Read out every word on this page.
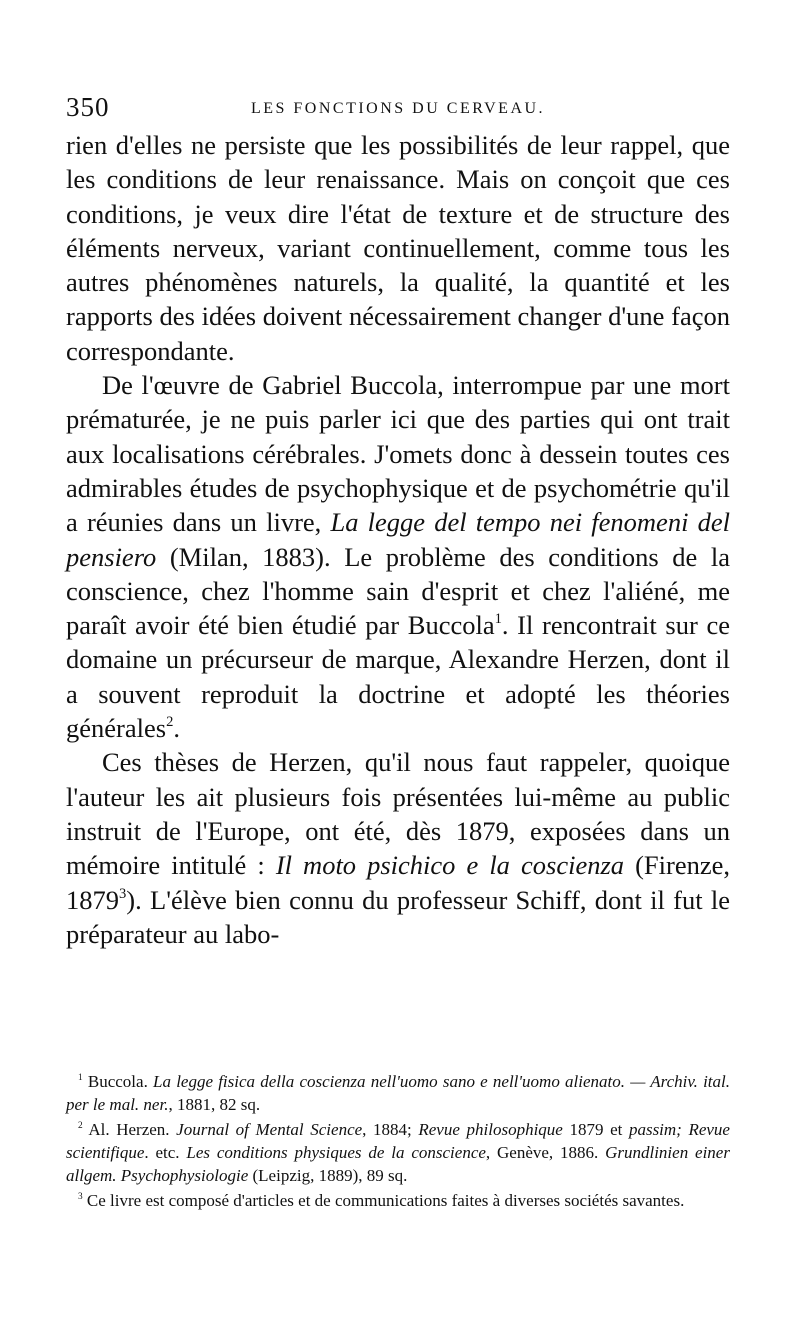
350	LES FONCTIONS DU CERVEAU.

rien d'elles ne persiste que les possibilités de leur rappel, que les conditions de leur renaissance. Mais on conçoit que ces conditions, je veux dire l'état de texture et de structure des éléments nerveux, variant continuellement, comme tous les autres phénomènes naturels, la qualité, la quantité et les rapports des idées doivent nécessairement changer d'une façon correspondante.

De l'œuvre de Gabriel Buccola, interrompue par une mort prématurée, je ne puis parler ici que des parties qui ont trait aux localisations cérébrales. J'omets donc à dessein toutes ces admirables études de psychophysique et de psychométrie qu'il a réunies dans un livre, La legge del tempo nei fenomeni del pensiero (Milan, 1883). Le problème des conditions de la conscience, chez l'homme sain d'esprit et chez l'aliéné, me paraît avoir été bien étudié par Buccola$^1$. Il rencontrait sur ce domaine un précurseur de marque, Alexandre Herzen, dont il a souvent reproduit la doctrine et adopté les théories générales$^2$.

Ces thèses de Herzen, qu'il nous faut rappeler, quoique l'auteur les ait plusieurs fois présentées lui-même au public instruit de l'Europe, ont été, dès 1879, exposées dans un mémoire intitulé : Il moto psichico e la coscienza (Firenze, 1879$^3$). L'élève bien connu du professeur Schiff, dont il fut le préparateur au labo-

$^1$ Buccola. La legge fisica della coscienza nell'uomo sano e nell'uomo alienato. — Archiv. ital. per le mal. ner., 1881, 82 sq.

$^2$ Al. Herzen. Journal of Mental Science, 1884; Revue philosophique 1879 et passim; Revue scientifique. etc. Les conditions physiques de la conscience, Genève, 1886. Grundlinien einer allgem. Psychophysiologie (Leipzig, 1889), 89 sq.

$^3$ Ce livre est composé d'articles et de communications faites à diverses sociétés savantes.
